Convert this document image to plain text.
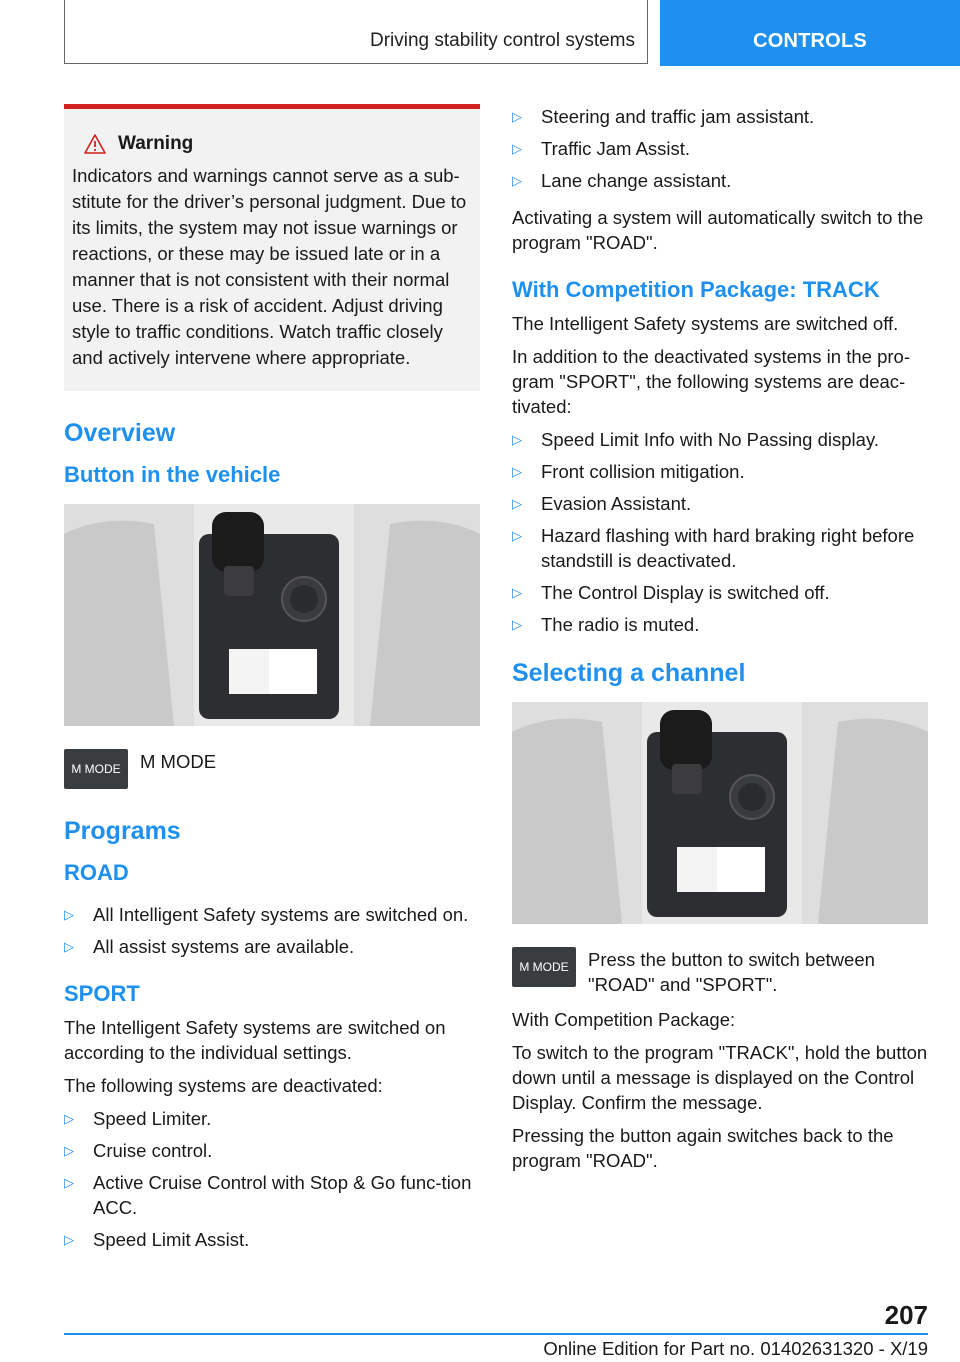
Driving stability control systems	CONTROLS
Warning
Indicators and warnings cannot serve as a sub-stitute for the driver’s personal judgment. Due to its limits, the system may not issue warnings or reactions, or these may be issued late or in a manner that is not consistent with their normal use. There is a risk of accident. Adjust driving style to traffic conditions. Watch traffic closely and actively intervene where appropriate.
Overview
Button in the vehicle
M MODE	M MODE
Programs
ROAD
▷ All Intelligent Safety systems are switched on.
▷ All assist systems are available.
SPORT
The Intelligent Safety systems are switched on according to the individual settings.
The following systems are deactivated:
▷ Speed Limiter.
▷ Cruise control.
▷ Active Cruise Control with Stop & Go func-tion ACC.
▷ Speed Limit Assist.
▷ Steering and traffic jam assistant.
▷ Traffic Jam Assist.
▷ Lane change assistant.
Activating a system will automatically switch to the program "ROAD".
With Competition Package: TRACK
The Intelligent Safety systems are switched off.
In addition to the deactivated systems in the pro-gram "SPORT", the following systems are deac-tivated:
▷ Speed Limit Info with No Passing display.
▷ Front collision mitigation.
▷ Evasion Assistant.
▷ Hazard flashing with hard braking right before standstill is deactivated.
▷ The Control Display is switched off.
▷ The radio is muted.
Selecting a channel
M MODE	Press the button to switch between "ROAD" and "SPORT".
With Competition Package:
To switch to the program "TRACK", hold the button down until a message is displayed on the Control Display. Confirm the message.
Pressing the button again switches back to the program "ROAD".
207
Online Edition for Part no. 01402631320 - X/19
